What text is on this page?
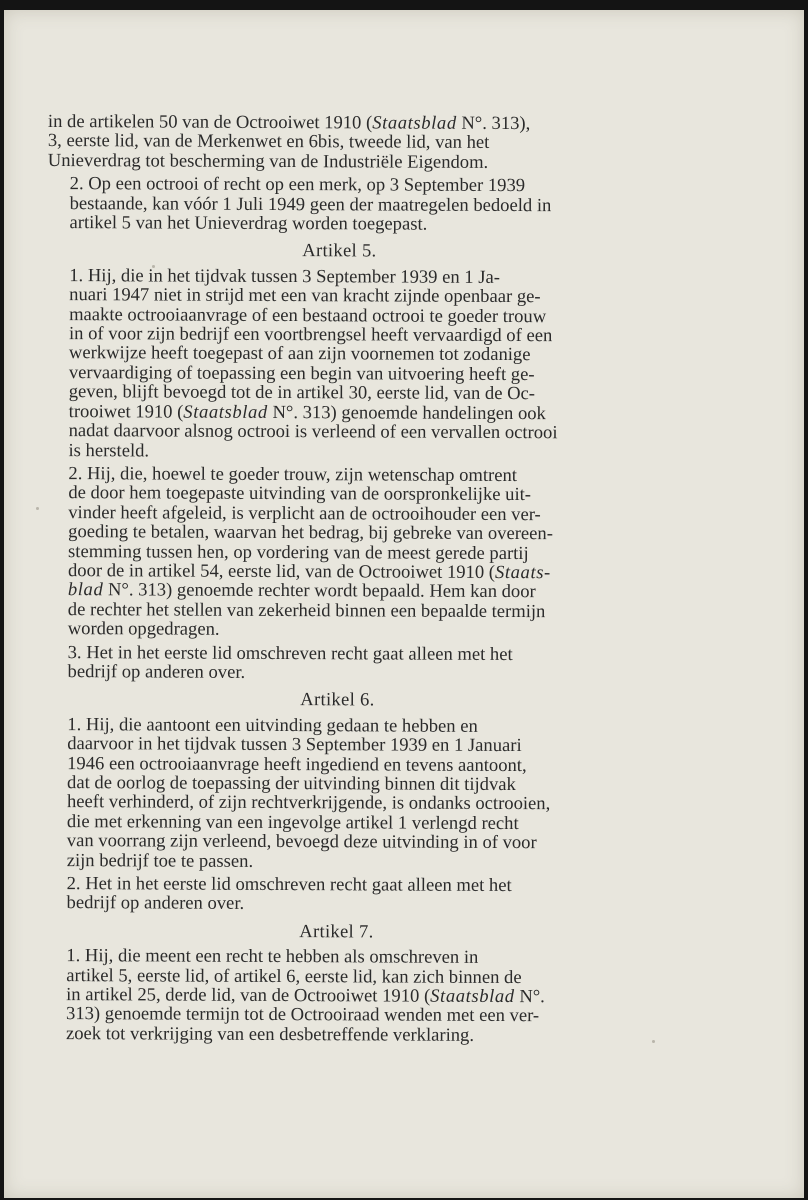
in de artikelen 50 van de Octrooiwet 1910 (Staatsblad N°. 313),
3, eerste lid, van de Merkenwet en 6bis, tweede lid, van het
Unieverdrag tot bescherming van de Industriële Eigendom.

2. Op een octrooi of recht op een merk, op 3 September 1939
bestaande, kan vóór 1 Juli 1949 geen der maatregelen bedoeld in
artikel 5 van het Unieverdrag worden toegepast.

Artikel 5.

1. Hij, die in het tijdvak tussen 3 September 1939 en 1 Ja-
nuari 1947 niet in strijd met een van kracht zijnde openbaar ge-
maakte octrooiaanvrage of een bestaand octrooi te goeder trouw
in of voor zijn bedrijf een voortbrengsel heeft vervaardigd of een
werkwijze heeft toegepast of aan zijn voornemen tot zodanige
vervaardiging of toepassing een begin van uitvoering heeft ge-
geven, blijft bevoegd tot de in artikel 30, eerste lid, van de Oc-
trooiwet 1910 (Staatsblad N°. 313) genoemde handelingen ook
nadat daarvoor alsnog octrooi is verleend of een vervallen octrooi
is hersteld.

2. Hij, die, hoewel te goeder trouw, zijn wetenschap omtrent
de door hem toegepaste uitvinding van de oorspronkelijke uit-
vinder heeft afgeleid, is verplicht aan de octrooihouder een ver-
goeding te betalen, waarvan het bedrag, bij gebreke van overeen-
stemming tussen hen, op vordering van de meest gerede partij
door de in artikel 54, eerste lid, van de Octrooiwet 1910 (Staats-
blad N°. 313) genoemde rechter wordt bepaald. Hem kan door
de rechter het stellen van zekerheid binnen een bepaalde termijn
worden opgedragen.

3. Het in het eerste lid omschreven recht gaat alleen met het
bedrijf op anderen over.

Artikel 6.

1. Hij, die aantoont een uitvinding gedaan te hebben en
daarvoor in het tijdvak tussen 3 September 1939 en 1 Januari
1946 een octrooiaanvrage heeft ingediend en tevens aantoont,
dat de oorlog de toepassing der uitvinding binnen dit tijdvak
heeft verhinderd, of zijn rechtverkrijgende, is ondanks octrooien,
die met erkenning van een ingevolge artikel 1 verlengd recht
van voorrang zijn verleend, bevoegd deze uitvinding in of voor
zijn bedrijf toe te passen.

2. Het in het eerste lid omschreven recht gaat alleen met het
bedrijf op anderen over.

Artikel 7.

1. Hij, die meent een recht te hebben als omschreven in
artikel 5, eerste lid, of artikel 6, eerste lid, kan zich binnen de
in artikel 25, derde lid, van de Octrooiwet 1910 (Staatsblad N°.
313) genoemde termijn tot de Octrooiraad wenden met een ver-
zoek tot verkrijging van een desbetreffende verklaring.
